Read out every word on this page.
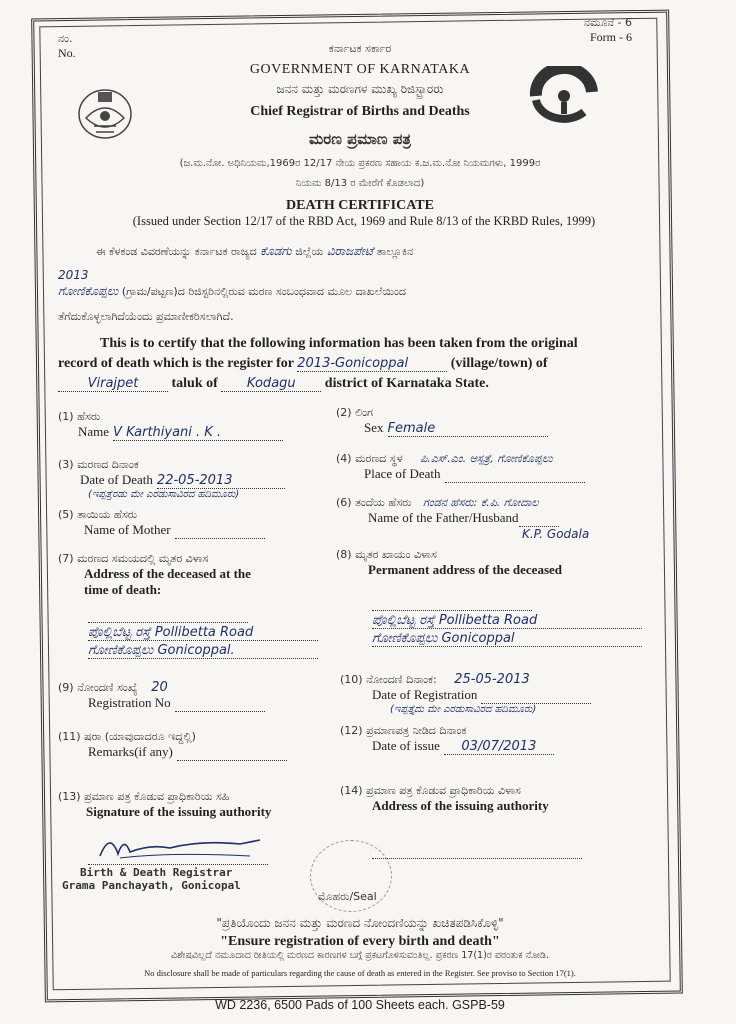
ನಂ.
No.
ನಮೂನೆ - 6
Form - 6
ಕರ್ನಾಟಕ ಸರ್ಕಾರ
GOVERNMENT OF KARNATAKA
ಜನನ ಮತ್ತು ಮರಣಗಳ ಮುಖ್ಯ ರಿಜಿಸ್ಟ್ರಾರರು
Chief Registrar of Births and Deaths
ಮರಣ ಪ್ರಮಾಣ ಪತ್ರ
(ಜ.ಮ.ನೋ. ಅಧಿನಿಯಮ,1969ರ 12/17 ನೇಯ ಪ್ರಕರಣ ಸಹಾಯ ಕ.ಜ.ಮ.ನೋ ನಿಯಮಗಳು, 1999ರ
ನಿಯಮ 8/13 ರ ಮೇರೆಗೆ ಕೊಡಲಾದ)
DEATH CERTIFICATE
(Issued under Section 12/17 of the RBD Act, 1969 and Rule 8/13 of the KRBD Rules, 1999)
ಈ ಕೆಳಕಂಡ ವಿವರಣೆಯನ್ನು ಕರ್ನಾಟಕ ರಾಜ್ಯದ ಕೊಡಗು ಜಿಲ್ಲೆಯ ವಿರಾಜಪೇಟೆ ತಾಲ್ಲೂಕಿನ
2013
ಗೋಣಿಕೊಪ್ಪಲು (ಗ್ರಾಮ/ಪಟ್ಟಣ)ದ ರಿಜಿಸ್ಟರಿನಲ್ಲಿರುವ ಮರಣ ಸಂಬಂಧವಾದ ಮೂಲ ದಾಖಲೆಯಿಂದ
ತೆಗೆದುಕೊಳ್ಳಲಾಗಿದೆಯೆಂದು ಪ್ರಮಾಣೀಕರಿಸಲಾಗಿದೆ.
This is to certify that the following information has been taken from the original
record of death which is the register for 2013-Gonicoppal	(village/town) of
Virajpet taluk of Kodagu district of Karnataka State.
(1) ಹೆಸರು
Name V Karthiyani . K .
(2) ಲಿಂಗ
Sex Female
(3) ಮರಣದ ದಿನಾಂಕ
Date of Death 22-05-2013
(ಇಪ್ಪತ್ತೆರಡು ಮೇ ಎರಡುಸಾವಿರದ ಹದಿಮೂರು)
(4) ಮರಣದ ಸ್ಥಳ ಪಿ.ಎಸ್.ಎಂ. ಆಸ್ಪತ್ರೆ, ಗೋಣಿಕೊಪ್ಪಲು
Place of Death
(5) ತಾಯಿಯ ಹೆಸರು
Name of Mother
(6) ತಂದೆಯ ಹೆಸರು ಗಂಡನ ಹೆಸರು: ಕೆ.ಪಿ. ಗೋದಾಲ
Name of the Father/Husband
K.P. Godala
(7) ಮರಣದ ಸಮಯದಲ್ಲಿ ಮೃತರ ವಿಳಾಸ
Address of the deceased at the
time of death:
ಪೊಲ್ಲಿಬೆಟ್ಟ ರಸ್ತೆ Pollibetta Road ಗೋಣಿಕೊಪ್ಪಲು Gonicoppal.
(8) ಮೃತರ ಖಾಯಂ ವಿಳಾಸ
Permanent address of the deceased
ಪೊಲ್ಲಿಬೆಟ್ಟ ರಸ್ತೆ Pollibetta Road ಗೋಣಿಕೊಪ್ಪಲು Gonicoppal
(9) ನೋಂದಣಿ ಸಂಖ್ಯೆ 20
Registration No
(10) ನೋಂದಣಿ ದಿನಾಂಕ: 25-05-2013
Date of Registration
(ಇಪ್ಪತ್ತೈದು ಮೇ ಎರಡುಸಾವಿರದ ಹದಿಮೂರು)
(11) ಷರಾ (ಯಾವುದಾದರೂ ಇದ್ದಲ್ಲಿ)
Remarks(if any)
(12) ಪ್ರಮಾಣಪತ್ರ ನೀಡಿದ ದಿನಾಂಕ
Date of issue 03/07/2013
(13) ಪ್ರಮಾಣ ಪತ್ರ ಕೊಡುವ ಪ್ರಾಧಿಕಾರಿಯ ಸಹಿ
Signature of the issuing authority
(14) ಪ್ರಮಾಣ ಪತ್ರ ಕೊಡುವ ಪ್ರಾಧಿಕಾರಿಯ ವಿಳಾಸ
Address of the issuing authority

Birth & Death Registrar
Grama Panchayath, Gonicopal
ಮೊಹರು/Seal
"ಪ್ರತಿಯೊಂದು ಜನನ ಮತ್ತು ಮರಣದ ನೋಂದಣಿಯನ್ನು ಖಚಿತಪಡಿಸಿಕೊಳ್ಳಿ"
"Ensure registration of every birth and death"
ವಿಶೇಷವಿಲ್ಲದೆ ನಮೂದಾದ ರೀತಿಯಲ್ಲಿ ಮರಣದ ಕಾರಣಗಳ ಬಗ್ಗೆ ಪ್ರಕಟಗೊಳಿಸುವಂತಿಲ್ಲ. ಪ್ರಕರಣ 17(1)ರ ಪರಂತುಕ ನೋಡಿ.
No disclosure shall be made of particulars regarding the cause of death as entered in the Register. See proviso to Section 17(1).
WD 2236, 6500 Pads of 100 Sheets each. GSPB-59
